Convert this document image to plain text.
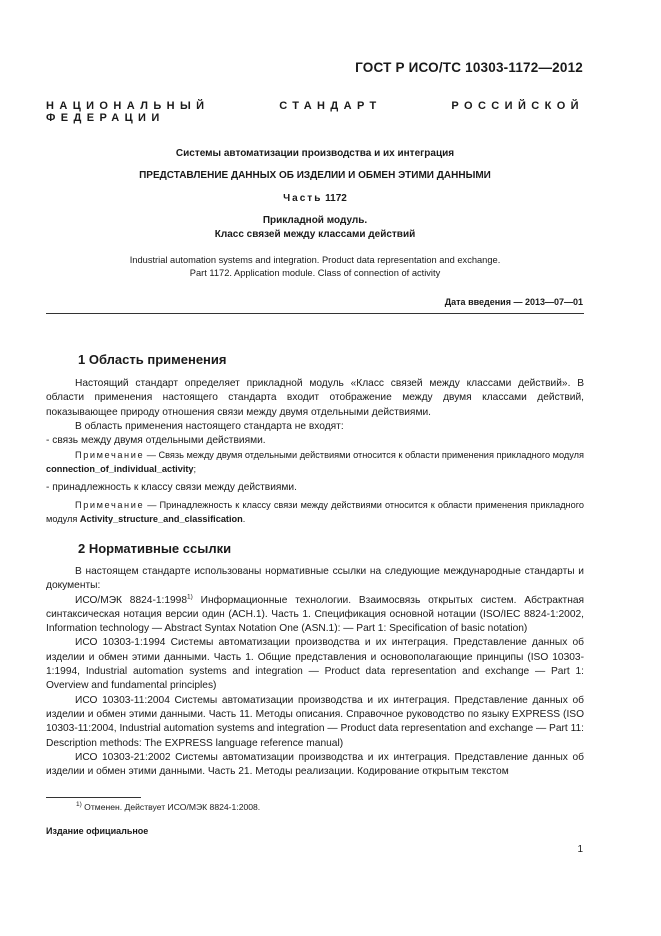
ГОСТ Р ИСО/ТС 10303-1172—2012
НАЦИОНАЛЬНЫЙ СТАНДАРТ РОССИЙСКОЙ ФЕДЕРАЦИИ
Системы автоматизации производства и их интеграция
ПРЕДСТАВЛЕНИЕ ДАННЫХ ОБ ИЗДЕЛИИ И ОБМЕН ЭТИМИ ДАННЫМИ
Часть 1172
Прикладной модуль.
Класс связей между классами действий
Industrial automation systems and integration. Product data representation and exchange.
Part 1172. Application module. Class of connection of activity
Дата введения — 2013—07—01
1 Область применения

Настоящий стандарт определяет прикладной модуль «Класс связей между классами действий». В области применения настоящего стандарта входит отображение между двумя классами действий, показывающее природу отношения связи между двумя отдельными действиями.

В область применения настоящего стандарта не входят:

- связь между двумя отдельными действиями.

Примечание — Связь между двумя отдельными действиями относится к области применения прикладного модуля connection_of_individual_activity;

- принадлежность к классу связи между действиями.

Примечание — Принадлежность к классу связи между действиями относится к области применения прикладного модуля Activity_structure_and_classification.

2 Нормативные ссылки

В настоящем стандарте использованы нормативные ссылки на следующие международные стандарты и документы:

ИСО/МЭК 8824-1:1998$^{1)}$ Информационные технологии. Взаимосвязь открытых систем. Абстрактная синтаксическая нотация версии один (АСН.1). Часть 1. Спецификация основной нотации (ISO/IEC 8824-1:2002, Information technology — Abstract Syntax Notation One (ASN.1): — Part 1: Specification of basic notation)

ИСО 10303-1:1994 Системы автоматизации производства и их интеграция. Представление данных об изделии и обмен этими данными. Часть 1. Общие представления и основополагающие принципы (ISO 10303-1:1994, Industrial automation systems and integration — Product data representation and exchange — Part 1: Overview and fundamental principles)

ИСО 10303-11:2004 Системы автоматизации производства и их интеграция. Представление данных об изделии и обмен этими данными. Часть 11. Методы описания. Справочное руководство по языку EXPRESS (ISO 10303-11:2004, Industrial automation systems and integration — Product data representation and exchange — Part 11: Description methods: The EXPRESS language reference manual)

ИСО 10303-21:2002 Системы автоматизации производства и их интеграция. Представление данных об изделии и обмен этими данными. Часть 21. Методы реализации. Кодирование открытым текстом

$^{1)}$ Отменен. Действует ИСО/МЭК 8824-1:2008.
Издание официальное
1
